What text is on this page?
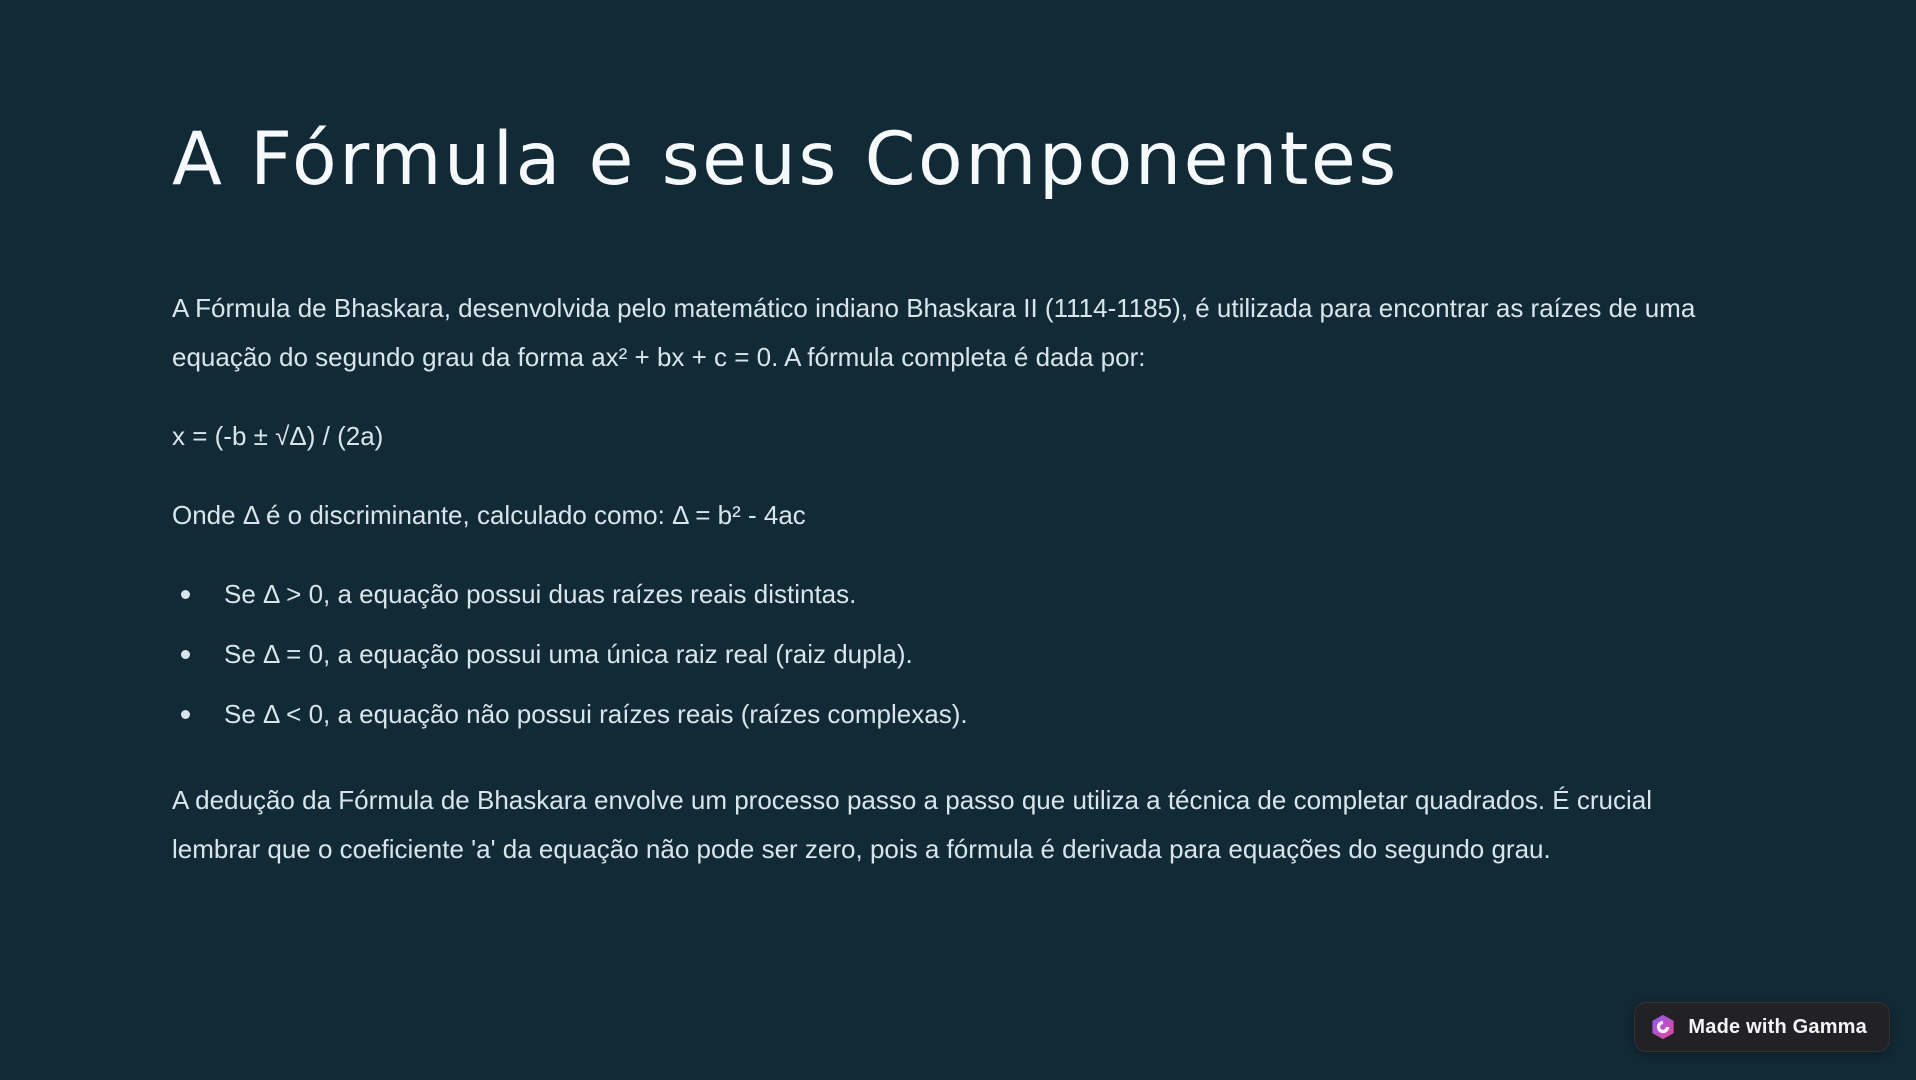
A Fórmula e seus Componentes

A Fórmula de Bhaskara, desenvolvida pelo matemático indiano Bhaskara II (1114-1185), é utilizada para encontrar as raízes de uma equação do segundo grau da forma ax² + bx + c = 0. A fórmula completa é dada por:

x = (-b ± √Δ) / (2a)

Onde Δ é o discriminante, calculado como: Δ = b² - 4ac

Se Δ > 0, a equação possui duas raízes reais distintas.
Se Δ = 0, a equação possui uma única raiz real (raiz dupla).
Se Δ < 0, a equação não possui raízes reais (raízes complexas).

A dedução da Fórmula de Bhaskara envolve um processo passo a passo que utiliza a técnica de completar quadrados. É crucial lembrar que o coeficiente 'a' da equação não pode ser zero, pois a fórmula é derivada para equações do segundo grau.

Made with Gamma
